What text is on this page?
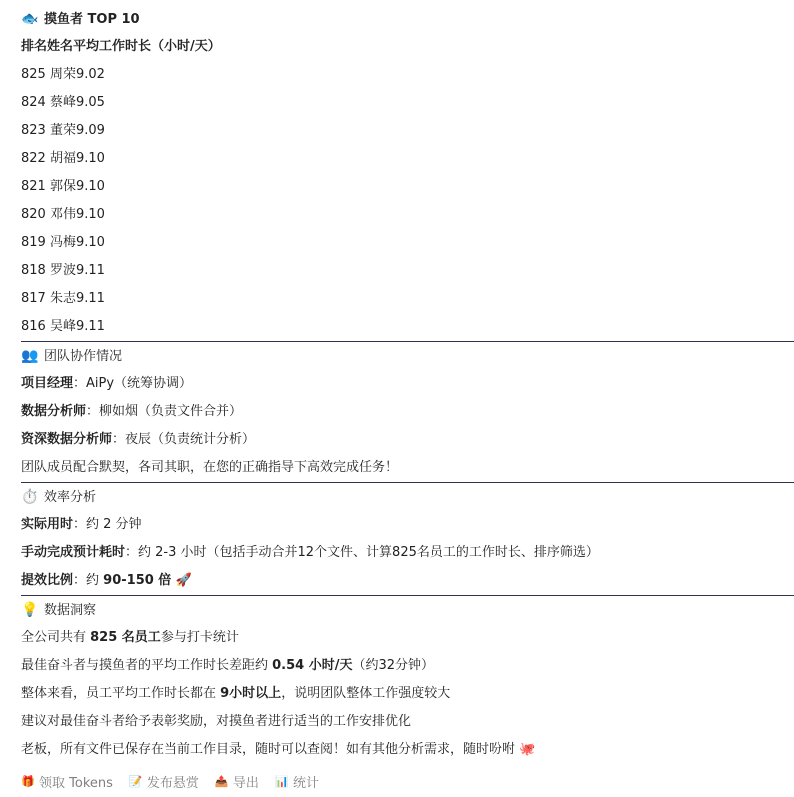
🐟 摸鱼者 TOP 10
排名姓名平均工作时长（小时/天）
825 周荣9.02
824 蔡峰9.05
823 董荣9.09
822 胡福9.10
821 郭保9.10
820 邓伟9.10
819 冯梅9.10
818 罗波9.11
817 朱志9.11
816 吴峰9.11
👥 团队协作情况
项目经理：AiPy（统筹协调）
数据分析师：柳如烟（负责文件合并）
资深数据分析师：夜辰（负责统计分析）
团队成员配合默契，各司其职，在您的正确指导下高效完成任务！
⏱️ 效率分析
实际用时：约 2 分钟
手动完成预计耗时：约 2-3 小时（包括手动合并12个文件、计算825名员工的工作时长、排序筛选）
提效比例：约 90-150 倍 🚀
💡 数据洞察
全公司共有 825 名员工参与打卡统计
最佳奋斗者与摸鱼者的平均工作时长差距约 0.54 小时/天（约32分钟）
整体来看，员工平均工作时长都在 9小时以上，说明团队整体工作强度较大
建议对最佳奋斗者给予表彰奖励，对摸鱼者进行适当的工作安排优化
老板，所有文件已保存在当前工作目录，随时可以查阅！如有其他分析需求，随时吩咐 🐙
🎁 领取 Tokens 📝 发布悬赏 📤 导出 📊 统计
